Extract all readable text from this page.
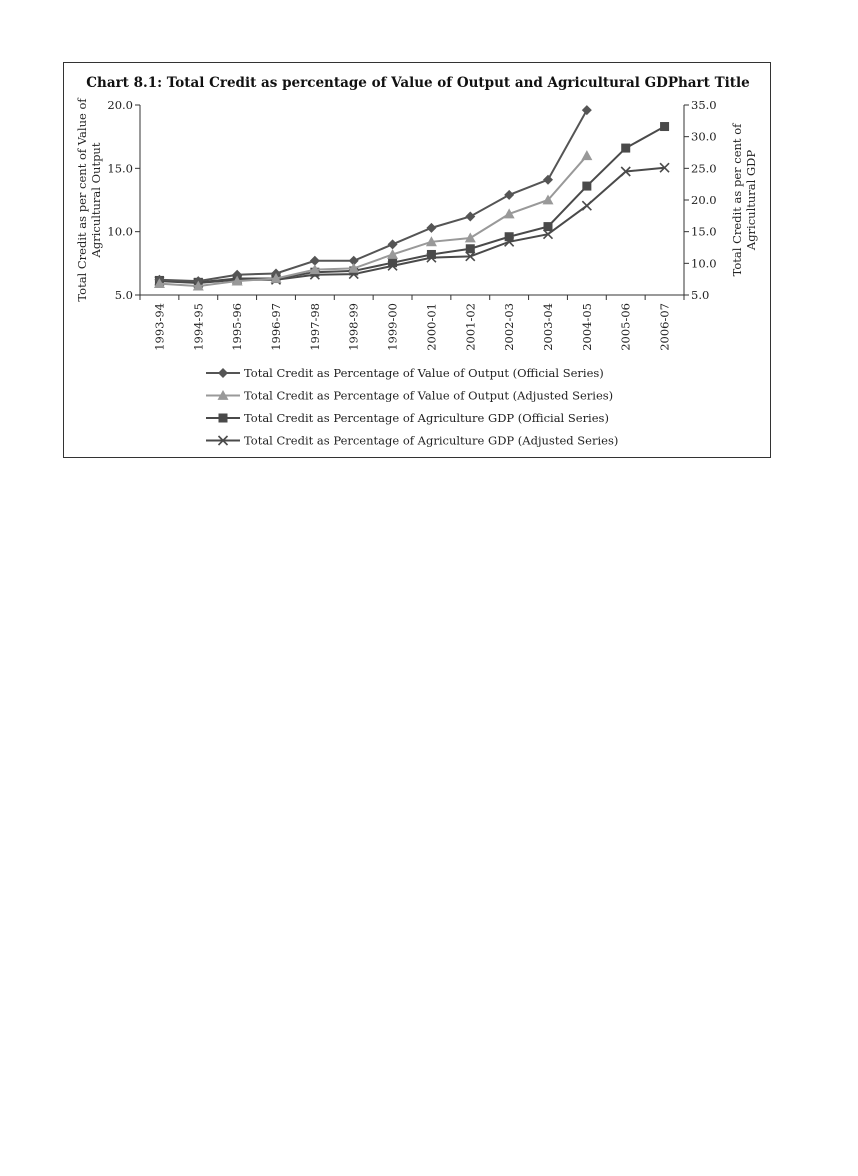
Chart 8.1: Total Credit as percentage of Value of Output and Agricultural GDPhart Title
Total Credit as per cent of Value of Agricultural Output	Total Credit as per cent of Agricultural GDP
5.0
10.0
15.0
20.0
5.0
10.0
15.0
20.0
25.0
30.0
35.0
1993-94 1994-95 1995-96 1996-97 1997-98 1998-99 1999-00 2000-01 2001-02 2002-03 2003-04 2004-05 2005-06 2006-07
Total Credit as Percentage of Value of Output (Official Series)
Total Credit as Percentage of Value of Output (Adjusted Series)
Total Credit as Percentage of Agriculture GDP (Official Series)
Total Credit as Percentage of Agriculture GDP (Adjusted Series)
